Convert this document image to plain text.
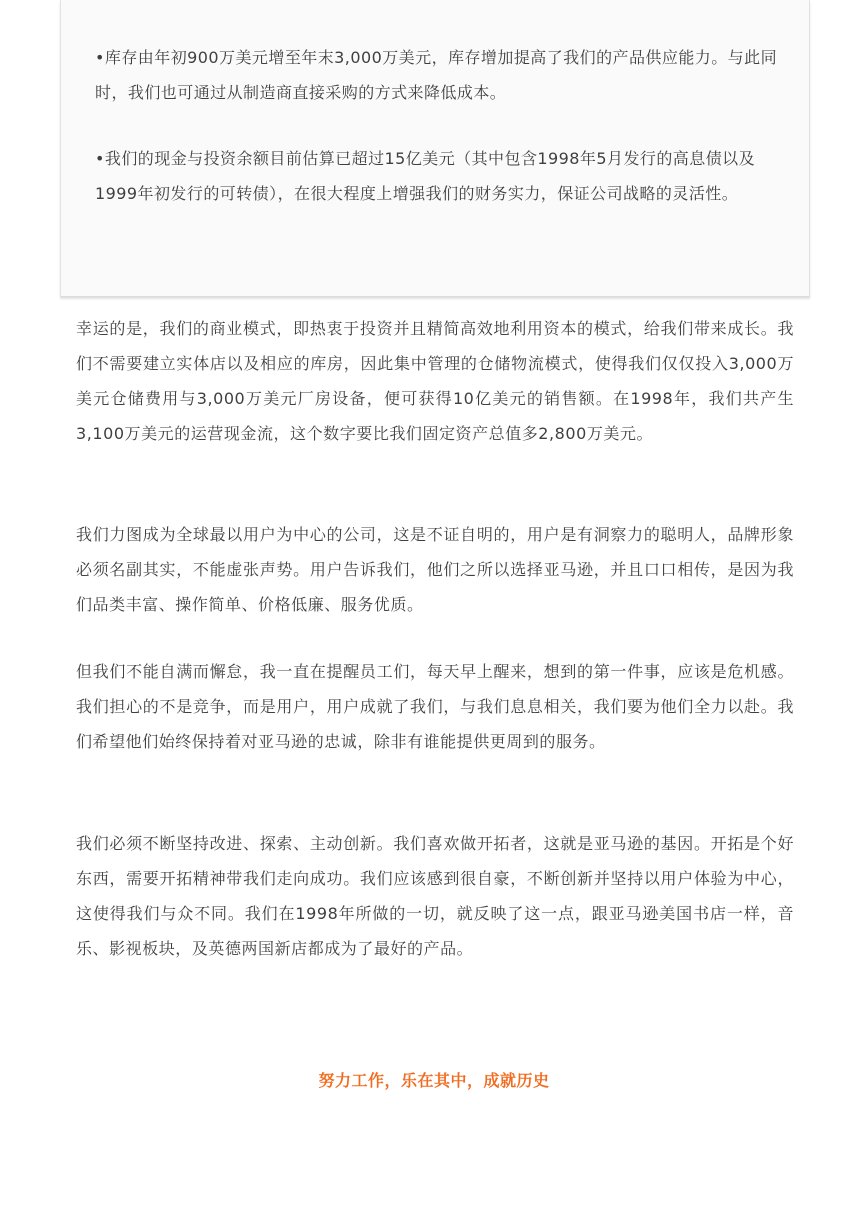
•库存由年初900万美元增至年末3,000万美元，库存增加提高了我们的产品供应能力。与此同时，我们也可通过从制造商直接采购的方式来降低成本。

•我们的现金与投资余额目前估算已超过15亿美元（其中包含1998年5月发行的高息债以及1999年初发行的可转债），在很大程度上增强我们的财务实力，保证公司战略的灵活性。

幸运的是，我们的商业模式，即热衷于投资并且精简高效地利用资本的模式，给我们带来成长。我们不需要建立实体店以及相应的库房，因此集中管理的仓储物流模式，使得我们仅仅投入3,000万美元仓储费用与3,000万美元厂房设备，便可获得10亿美元的销售额。在1998年，我们共产生3,100万美元的运营现金流，这个数字要比我们固定资产总值多2,800万美元。

我们力图成为全球最以用户为中心的公司，这是不证自明的，用户是有洞察力的聪明人，品牌形象必须名副其实，不能虚张声势。用户告诉我们，他们之所以选择亚马逊，并且口口相传，是因为我们品类丰富、操作简单、价格低廉、服务优质。

但我们不能自满而懈怠，我一直在提醒员工们，每天早上醒来，想到的第一件事，应该是危机感。我们担心的不是竞争，而是用户，用户成就了我们，与我们息息相关，我们要为他们全力以赴。我们希望他们始终保持着对亚马逊的忠诚，除非有谁能提供更周到的服务。

我们必须不断坚持改进、探索、主动创新。我们喜欢做开拓者，这就是亚马逊的基因。开拓是个好东西，需要开拓精神带我们走向成功。我们应该感到很自豪，不断创新并坚持以用户体验为中心，这使得我们与众不同。我们在1998年所做的一切，就反映了这一点，跟亚马逊美国书店一样，音乐、影视板块，及英德两国新店都成为了最好的产品。

努力工作，乐在其中，成就历史
